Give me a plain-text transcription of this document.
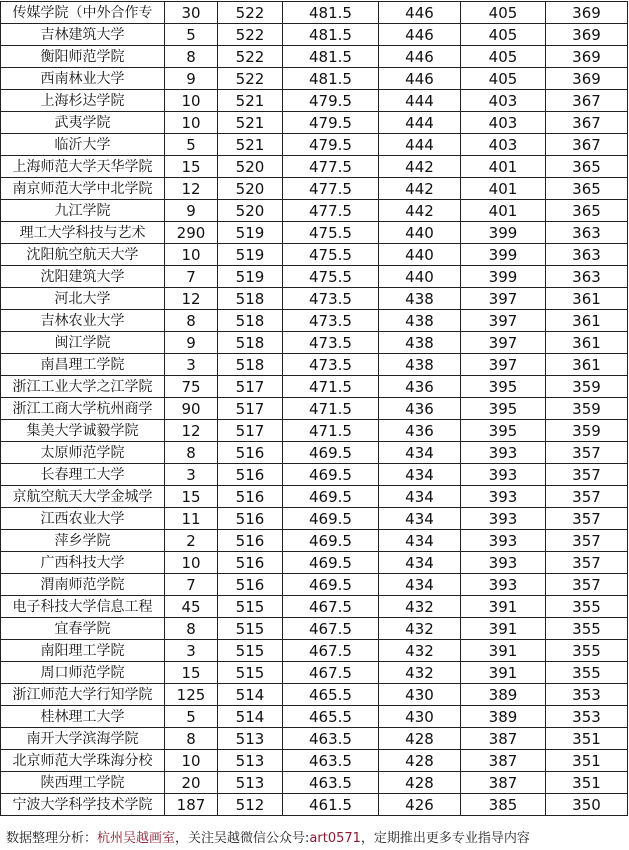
传媒学院（中外合作专	30	522	481.5	446	405	369
吉林建筑大学	5	522	481.5	446	405	369
衡阳师范学院	8	522	481.5	446	405	369
西南林业大学	9	522	481.5	446	405	369
上海杉达学院	10	521	479.5	444	403	367
武夷学院	10	521	479.5	444	403	367
临沂大学	5	521	479.5	444	403	367
上海师范大学天华学院	15	520	477.5	442	401	365
南京师范大学中北学院	12	520	477.5	442	401	365
九江学院	9	520	477.5	442	401	365
理工大学科技与艺术	290	519	475.5	440	399	363
沈阳航空航天大学	10	519	475.5	440	399	363
沈阳建筑大学	7	519	475.5	440	399	363
河北大学	12	518	473.5	438	397	361
吉林农业大学	8	518	473.5	438	397	361
闽江学院	9	518	473.5	438	397	361
南昌理工学院	3	518	473.5	438	397	361
浙江工业大学之江学院	75	517	471.5	436	395	359
浙江工商大学杭州商学	90	517	471.5	436	395	359
集美大学诚毅学院	12	517	471.5	436	395	359
太原师范学院	8	516	469.5	434	393	357
长春理工大学	3	516	469.5	434	393	357
京航空航天大学金城学	15	516	469.5	434	393	357
江西农业大学	11	516	469.5	434	393	357
萍乡学院	2	516	469.5	434	393	357
广西科技大学	10	516	469.5	434	393	357
渭南师范学院	7	516	469.5	434	393	357
电子科技大学信息工程	45	515	467.5	432	391	355
宜春学院	8	515	467.5	432	391	355
南阳理工学院	3	515	467.5	432	391	355
周口师范学院	15	515	467.5	432	391	355
浙江师范大学行知学院	125	514	465.5	430	389	353
桂林理工大学	5	514	465.5	430	389	353
南开大学滨海学院	8	513	463.5	428	387	351
北京师范大学珠海分校	10	513	463.5	428	387	351
陕西理工学院	20	513	463.5	428	387	351
宁波大学科学技术学院	187	512	461.5	426	385	350
数据整理分析：杭州吴越画室，关注吴越微信公众号:art0571，定期推出更多专业指导内容
